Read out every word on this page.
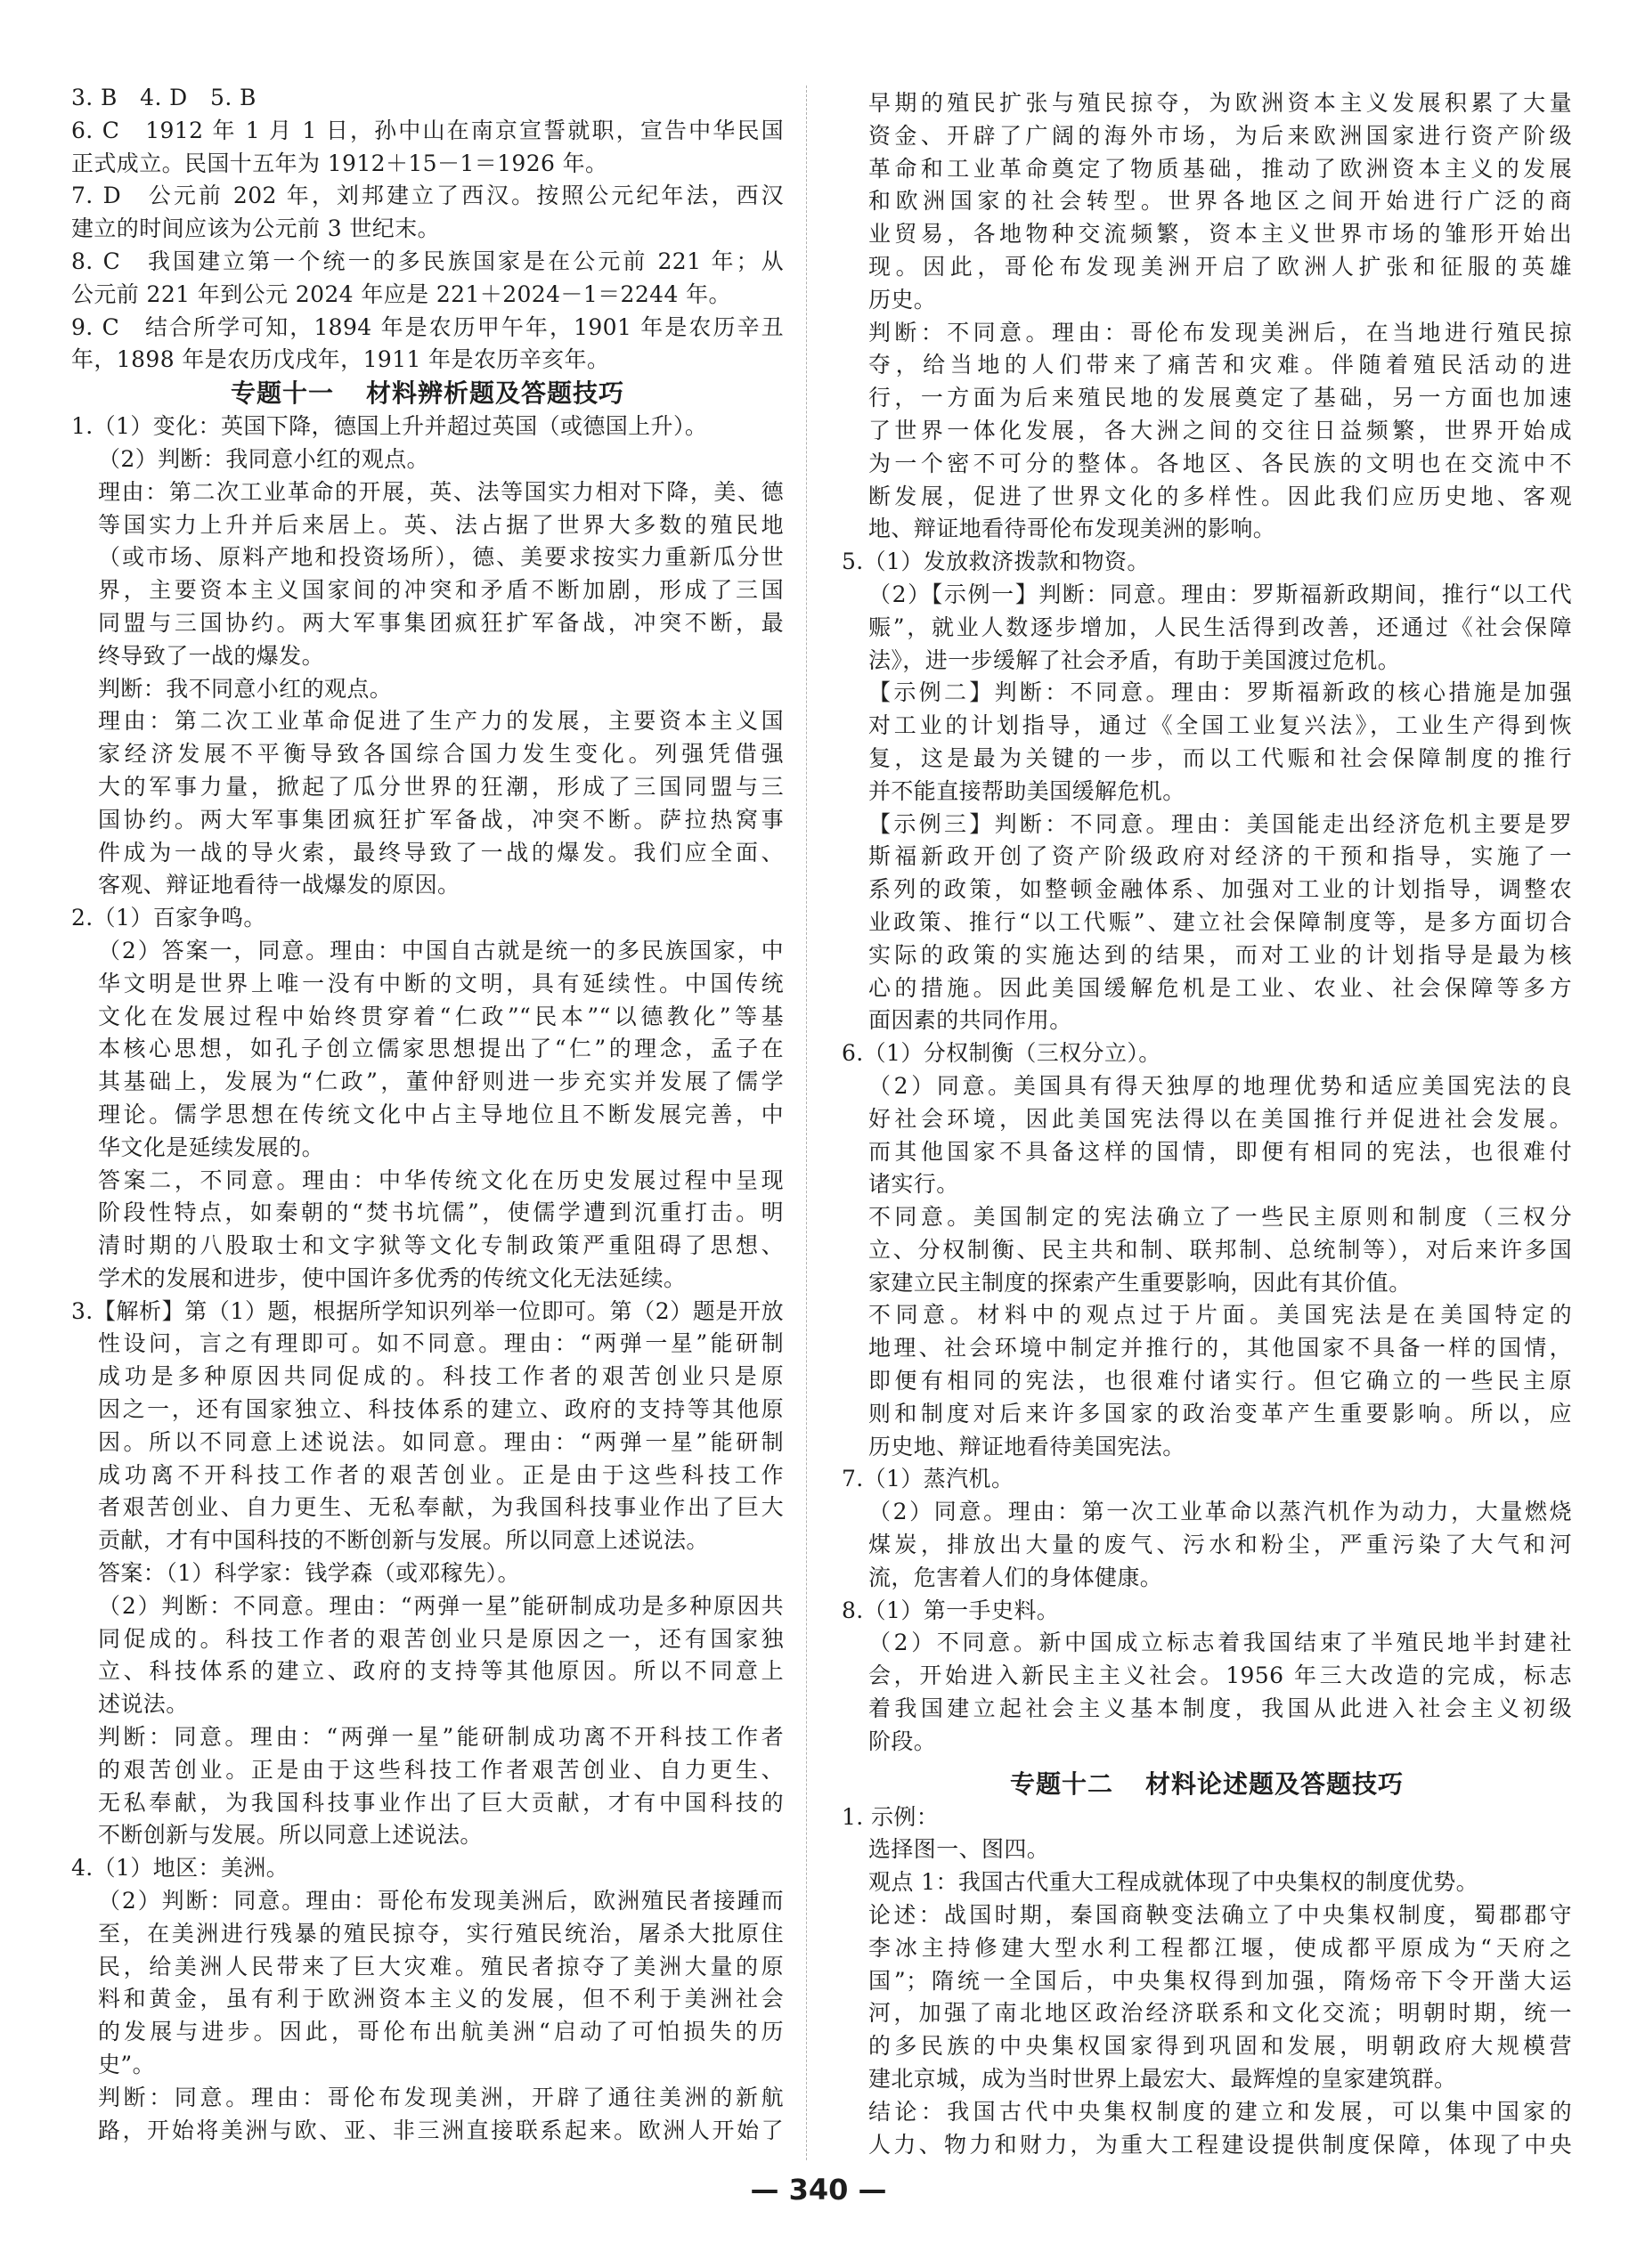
3. B　4. D　5. B
6. C　1912 年 1 月 1 日，孙中山在南京宣誓就职，宣告中华民国
正式成立。民国十五年为 1912＋15－1＝1926 年。
7. D　公元前 202 年，刘邦建立了西汉。按照公元纪年法，西汉
建立的时间应该为公元前 3 世纪末。
8. C　我国建立第一个统一的多民族国家是在公元前 221 年；从
公元前 221 年到公元 2024 年应是 221＋2024－1＝2244 年。
9. C　结合所学可知，1894 年是农历甲午年，1901 年是农历辛丑
年，1898 年是农历戊戌年，1911 年是农历辛亥年。
专题十一 材料辨析题及答题技巧
1.（1）变化：英国下降，德国上升并超过英国（或德国上升）。
（2）判断：我同意小红的观点。
理由：第二次工业革命的开展，英、法等国实力相对下降，美、德
等国实力上升并后来居上。英、法占据了世界大多数的殖民地
（或市场、原料产地和投资场所），德、美要求按实力重新瓜分世
界，主要资本主义国家间的冲突和矛盾不断加剧，形成了三国
同盟与三国协约。两大军事集团疯狂扩军备战，冲突不断，最
终导致了一战的爆发。
判断：我不同意小红的观点。
理由：第二次工业革命促进了生产力的发展，主要资本主义国
家经济发展不平衡导致各国综合国力发生变化。列强凭借强
大的军事力量，掀起了瓜分世界的狂潮，形成了三国同盟与三
国协约。两大军事集团疯狂扩军备战，冲突不断。萨拉热窝事
件成为一战的导火索，最终导致了一战的爆发。我们应全面、
客观、辩证地看待一战爆发的原因。
2.（1）百家争鸣。
（2）答案一，同意。理由：中国自古就是统一的多民族国家，中
华文明是世界上唯一没有中断的文明，具有延续性。中国传统
文化在发展过程中始终贯穿着“仁政”“民本”“以德教化”等基
本核心思想，如孔子创立儒家思想提出了“仁”的理念，孟子在
其基础上，发展为“仁政”，董仲舒则进一步充实并发展了儒学
理论。儒学思想在传统文化中占主导地位且不断发展完善，中
华文化是延续发展的。
答案二，不同意。理由：中华传统文化在历史发展过程中呈现
阶段性特点，如秦朝的“焚书坑儒”，使儒学遭到沉重打击。明
清时期的八股取士和文字狱等文化专制政策严重阻碍了思想、
学术的发展和进步，使中国许多优秀的传统文化无法延续。
3.【解析】第（1）题，根据所学知识列举一位即可。第（2）题是开放
性设问，言之有理即可。如不同意。理由：“两弹一星”能研制
成功是多种原因共同促成的。科技工作者的艰苦创业只是原
因之一，还有国家独立、科技体系的建立、政府的支持等其他原
因。所以不同意上述说法。如同意。理由：“两弹一星”能研制
成功离不开科技工作者的艰苦创业。正是由于这些科技工作
者艰苦创业、自力更生、无私奉献，为我国科技事业作出了巨大
贡献，才有中国科技的不断创新与发展。所以同意上述说法。
答案：（1）科学家：钱学森（或邓稼先）。
（2）判断：不同意。理由：“两弹一星”能研制成功是多种原因共
同促成的。科技工作者的艰苦创业只是原因之一，还有国家独
立、科技体系的建立、政府的支持等其他原因。所以不同意上
述说法。
判断：同意。理由：“两弹一星”能研制成功离不开科技工作者
的艰苦创业。正是由于这些科技工作者艰苦创业、自力更生、
无私奉献，为我国科技事业作出了巨大贡献，才有中国科技的
不断创新与发展。所以同意上述说法。
4.（1）地区：美洲。
（2）判断：同意。理由：哥伦布发现美洲后，欧洲殖民者接踵而
至，在美洲进行残暴的殖民掠夺，实行殖民统治，屠杀大批原住
民，给美洲人民带来了巨大灾难。殖民者掠夺了美洲大量的原
料和黄金，虽有利于欧洲资本主义的发展，但不利于美洲社会
的发展与进步。因此，哥伦布出航美洲“启动了可怕损失的历
史”。
判断：同意。理由：哥伦布发现美洲，开辟了通往美洲的新航
路，开始将美洲与欧、亚、非三洲直接联系起来。欧洲人开始了
早期的殖民扩张与殖民掠夺，为欧洲资本主义发展积累了大量
资金、开辟了广阔的海外市场，为后来欧洲国家进行资产阶级
革命和工业革命奠定了物质基础，推动了欧洲资本主义的发展
和欧洲国家的社会转型。世界各地区之间开始进行广泛的商
业贸易，各地物种交流频繁，资本主义世界市场的雏形开始出
现。因此，哥伦布发现美洲开启了欧洲人扩张和征服的英雄
历史。
判断：不同意。理由：哥伦布发现美洲后，在当地进行殖民掠
夺，给当地的人们带来了痛苦和灾难。伴随着殖民活动的进
行，一方面为后来殖民地的发展奠定了基础，另一方面也加速
了世界一体化发展，各大洲之间的交往日益频繁，世界开始成
为一个密不可分的整体。各地区、各民族的文明也在交流中不
断发展，促进了世界文化的多样性。因此我们应历史地、客观
地、辩证地看待哥伦布发现美洲的影响。
5.（1）发放救济拨款和物资。
（2）【示例一】判断：同意。理由：罗斯福新政期间，推行“以工代
赈”，就业人数逐步增加，人民生活得到改善，还通过《社会保障
法》，进一步缓解了社会矛盾，有助于美国渡过危机。
【示例二】判断：不同意。理由：罗斯福新政的核心措施是加强
对工业的计划指导，通过《全国工业复兴法》，工业生产得到恢
复，这是最为关键的一步，而以工代赈和社会保障制度的推行
并不能直接帮助美国缓解危机。
【示例三】判断：不同意。理由：美国能走出经济危机主要是罗
斯福新政开创了资产阶级政府对经济的干预和指导，实施了一
系列的政策，如整顿金融体系、加强对工业的计划指导，调整农
业政策、推行“以工代赈”、建立社会保障制度等，是多方面切合
实际的政策的实施达到的结果，而对工业的计划指导是最为核
心的措施。因此美国缓解危机是工业、农业、社会保障等多方
面因素的共同作用。
6.（1）分权制衡（三权分立）。
（2）同意。美国具有得天独厚的地理优势和适应美国宪法的良
好社会环境，因此美国宪法得以在美国推行并促进社会发展。
而其他国家不具备这样的国情，即便有相同的宪法，也很难付
诸实行。
不同意。美国制定的宪法确立了一些民主原则和制度（三权分
立、分权制衡、民主共和制、联邦制、总统制等），对后来许多国
家建立民主制度的探索产生重要影响，因此有其价值。
不同意。材料中的观点过于片面。美国宪法是在美国特定的
地理、社会环境中制定并推行的，其他国家不具备一样的国情，
即便有相同的宪法，也很难付诸实行。但它确立的一些民主原
则和制度对后来许多国家的政治变革产生重要影响。所以，应
历史地、辩证地看待美国宪法。
7.（1）蒸汽机。
（2）同意。理由：第一次工业革命以蒸汽机作为动力，大量燃烧
煤炭，排放出大量的废气、污水和粉尘，严重污染了大气和河
流，危害着人们的身体健康。
8.（1）第一手史料。
（2）不同意。新中国成立标志着我国结束了半殖民地半封建社
会，开始进入新民主主义社会。1956 年三大改造的完成，标志
着我国建立起社会主义基本制度，我国从此进入社会主义初级
阶段。
专题十二 材料论述题及答题技巧
1. 示例：
选择图一、图四。
观点 1：我国古代重大工程成就体现了中央集权的制度优势。
论述：战国时期，秦国商鞅变法确立了中央集权制度，蜀郡郡守
李冰主持修建大型水利工程都江堰，使成都平原成为“天府之
国”；隋统一全国后，中央集权得到加强，隋炀帝下令开凿大运
河，加强了南北地区政治经济联系和文化交流；明朝时期，统一
的多民族的中央集权国家得到巩固和发展，明朝政府大规模营
建北京城，成为当时世界上最宏大、最辉煌的皇家建筑群。
结论：我国古代中央集权制度的建立和发展，可以集中国家的
人力、物力和财力，为重大工程建设提供制度保障，体现了中央
— 340 —
